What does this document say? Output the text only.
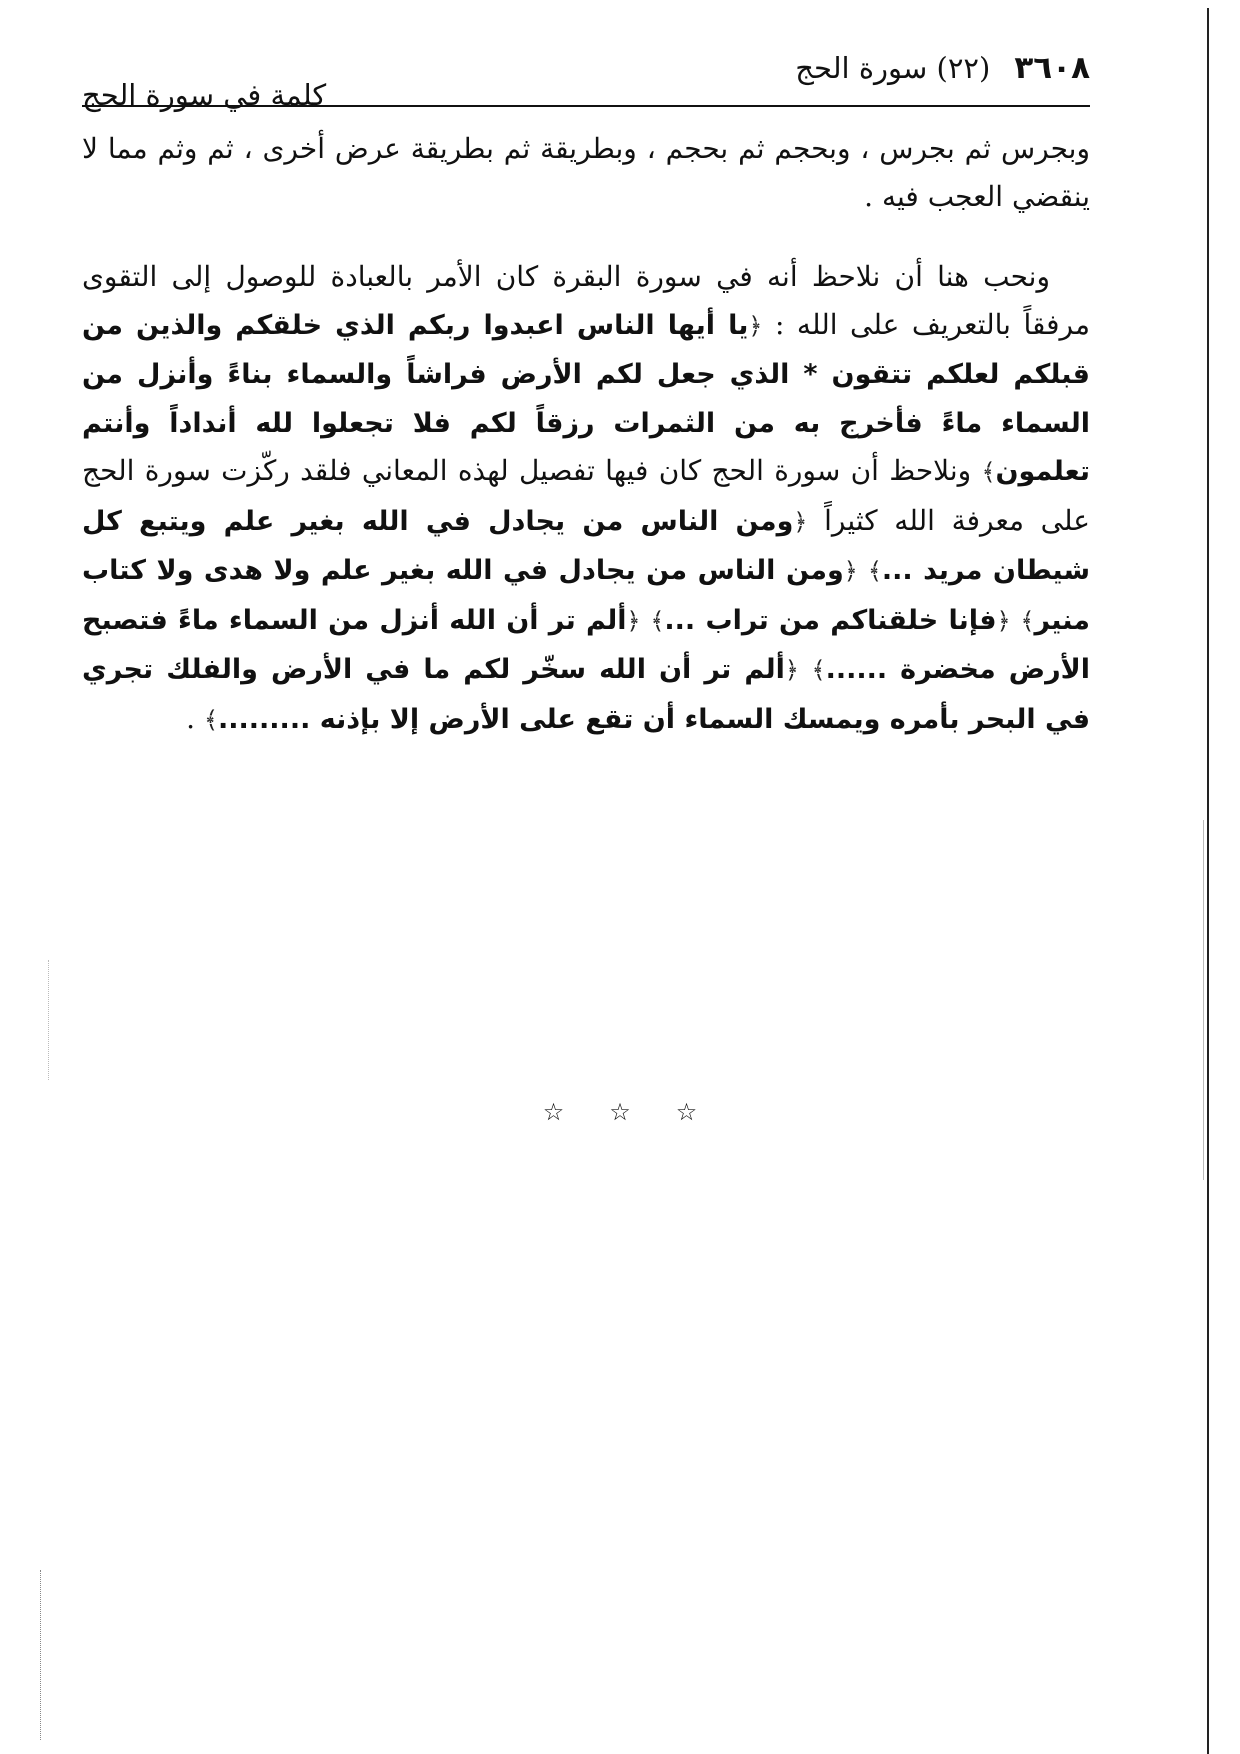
٣٦٠٨
(٢٢) سورة الحج
كلمة في سورة الحج

وبجرس ثم بجرس ، وبحجم ثم بحجم ، وبطريقة ثم بطريقة عرض أخرى ، ثم وثم مما لا ينقضي العجب فيه .

ونحب هنا أن نلاحظ أنه في سورة البقرة كان الأمر بالعبادة للوصول إلى التقوى مرفقاً بالتعريف على الله : ﴿يا أيها الناس اعبدوا ربكم الذي خلقكم والذين من قبلكم لعلكم تتقون * الذي جعل لكم الأرض فراشاً والسماء بناءً وأنزل من السماء ماءً فأخرج به من الثمرات رزقاً لكم فلا تجعلوا لله أنداداً وأنتم تعلمون﴾ ونلاحظ أن سورة الحج كان فيها تفصيل لهذه المعاني فلقد ركّزت سورة الحج على معرفة الله كثيراً ﴿ومن الناس من يجادل في الله بغير علم ويتبع كل شيطان مريد ...﴾ ﴿ومن الناس من يجادل في الله بغير علم ولا هدى ولا كتاب منير﴾ ﴿فإنا خلقناكم من تراب ...﴾ ﴿ألم تر أن الله أنزل من السماء ماءً فتصبح الأرض مخضرة ......﴾ ﴿ألم تر أن الله سخّر لكم ما في الأرض والفلك تجري في البحر بأمره ويمسك السماء أن تقع على الأرض إلا بإذنه .........﴾ .

☆ ☆ ☆
